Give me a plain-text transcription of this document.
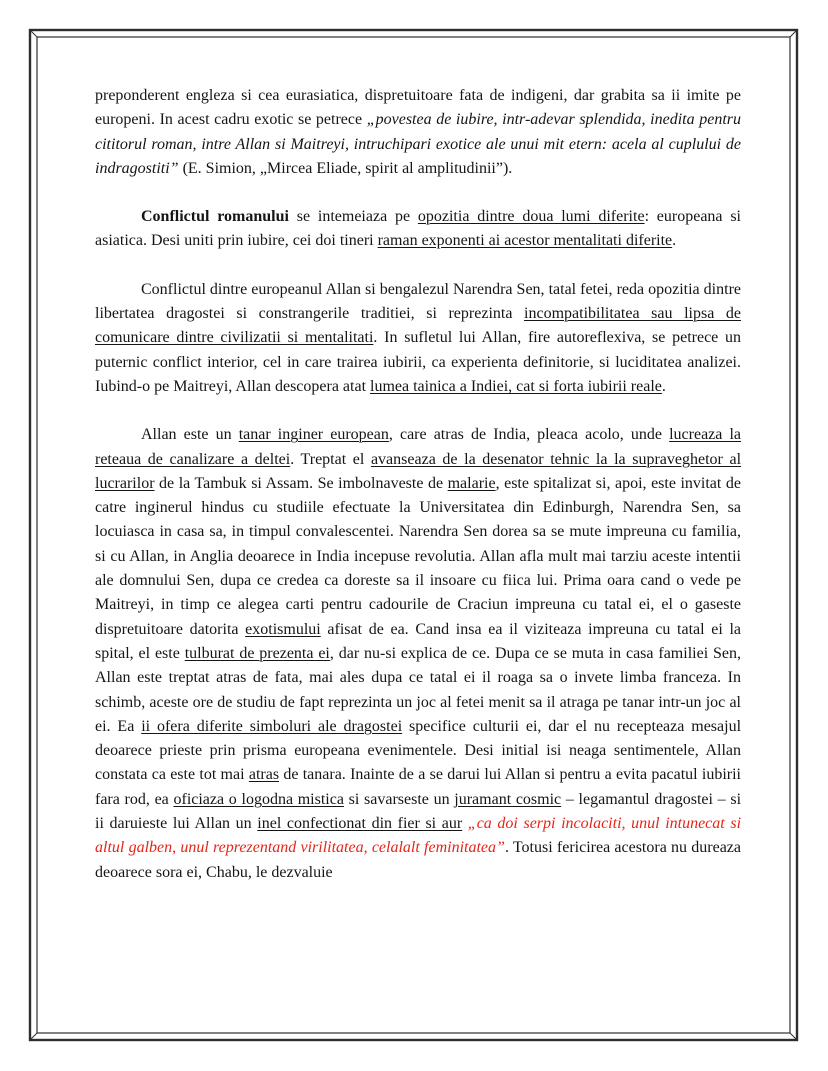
preponderent engleza si cea eurasiatica, dispretuitoare fata de indigeni, dar grabita sa ii imite pe europeni. In acest cadru exotic se petrece „povestea de iubire, intr-adevar splendida, inedita pentru cititorul roman, intre Allan si Maitreyi, intruchipari exotice ale unui mit etern: acela al cuplului de indragostiti” (E. Simion, „Mircea Eliade, spirit al amplitudinii”).

Conflictul romanului se intemeiaza pe opozitia dintre doua lumi diferite: europeana si asiatica. Desi uniti prin iubire, cei doi tineri raman exponenti ai acestor mentalitati diferite.

Conflictul dintre europeanul Allan si bengalezul Narendra Sen, tatal fetei, reda opozitia dintre libertatea dragostei si constrangerile traditiei, si reprezinta incompatibilitatea sau lipsa de comunicare dintre civilizatii si mentalitati. In sufletul lui Allan, fire autoreflexiva, se petrece un puternic conflict interior, cel in care trairea iubirii, ca experienta definitorie, si luciditatea analizei. Iubind-o pe Maitreyi, Allan descopera atat lumea tainica a Indiei, cat si forta iubirii reale.

Allan este un tanar inginer european, care atras de India, pleaca acolo, unde lucreaza la reteaua de canalizare a deltei. Treptat el avanseaza de la desenator tehnic la la supraveghetor al lucrarilor de la Tambuk si Assam. Se imbolnaveste de malarie, este spitalizat si, apoi, este invitat de catre inginerul hindus cu studiile efectuate la Universitatea din Edinburgh, Narendra Sen, sa locuiasca in casa sa, in timpul convalescentei. Narendra Sen dorea sa se mute impreuna cu familia, si cu Allan, in Anglia deoarece in India incepuse revolutia. Allan afla mult mai tarziu aceste intentii ale domnului Sen, dupa ce credea ca doreste sa il insoare cu fiica lui. Prima oara cand o vede pe Maitreyi, in timp ce alegea carti pentru cadourile de Craciun impreuna cu tatal ei, el o gaseste dispretuitoare datorita exotismului afisat de ea. Cand insa ea il viziteaza impreuna cu tatal ei la spital, el este tulburat de prezenta ei, dar nu-si explica de ce. Dupa ce se muta in casa familiei Sen, Allan este treptat atras de fata, mai ales dupa ce tatal ei il roaga sa o invete limba franceza. In schimb, aceste ore de studiu de fapt reprezinta un joc al fetei menit sa il atraga pe tanar intr-un joc al ei. Ea ii ofera diferite simboluri ale dragostei specifice culturii ei, dar el nu recepteaza mesajul deoarece prieste prin prisma europeana evenimentele. Desi initial isi neaga sentimentele, Allan constata ca este tot mai atras de tanara. Inainte de a se darui lui Allan si pentru a evita pacatul iubirii fara rod, ea oficiaza o logodna mistica si savarseste un juramant cosmic – legamantul dragostei – si ii daruieste lui Allan un inel confectionat din fier si aur „ca doi serpi incolaciti, unul intunecat si altul galben, unul reprezentand virilitatea, celalalt feminitatea”. Totusi fericirea acestora nu dureaza deoarece sora ei, Chabu, le dezvaluie
